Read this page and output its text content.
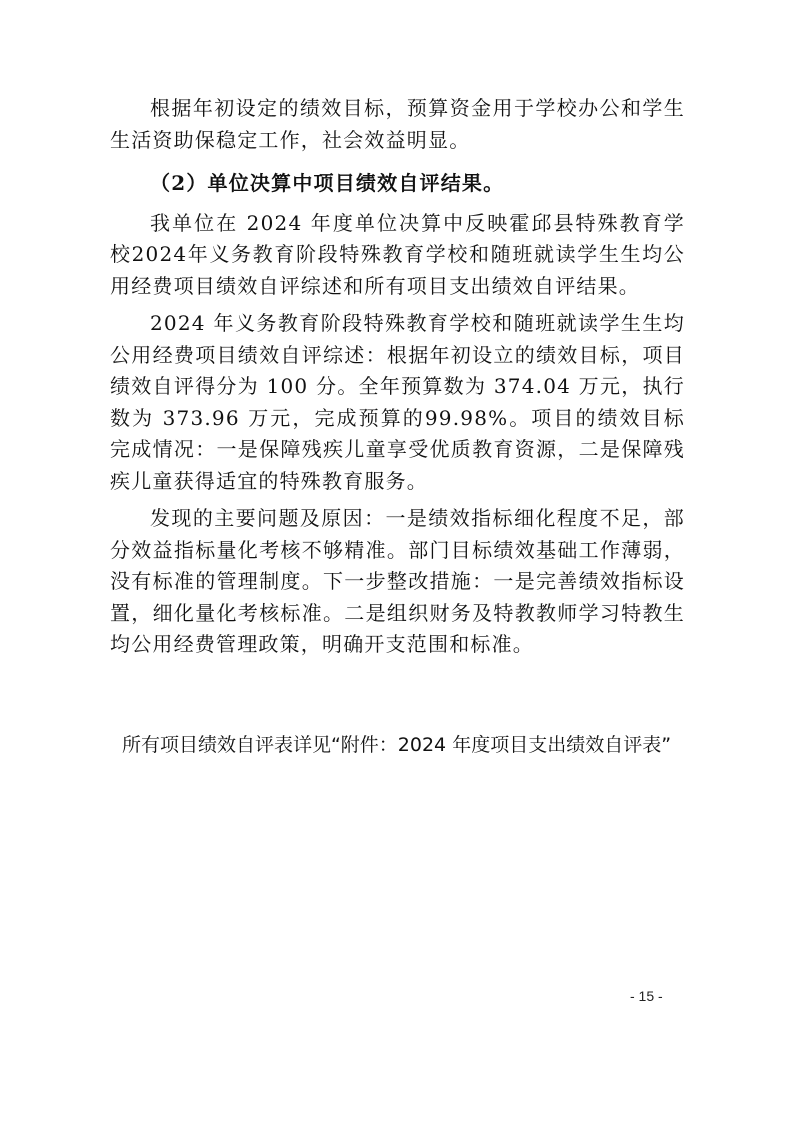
根据年初设定的绩效目标，预算资金用于学校办公和学生生活资助保稳定工作，社会效益明显。

（2）单位决算中项目绩效自评结果。

我单位在 2024 年度单位决算中反映霍邱县特殊教育学校2024年义务教育阶段特殊教育学校和随班就读学生生均公用经费项目绩效自评综述和所有项目支出绩效自评结果。

2024 年义务教育阶段特殊教育学校和随班就读学生生均公用经费项目绩效自评综述：根据年初设立的绩效目标，项目绩效自评得分为 100 分。全年预算数为 374.04 万元，执行数为 373.96 万元，完成预算的99.98%。项目的绩效目标完成情况：一是保障残疾儿童享受优质教育资源，二是保障残疾儿童获得适宜的特殊教育服务。

发现的主要问题及原因：一是绩效指标细化程度不足，部分效益指标量化考核不够精准。部门目标绩效基础工作薄弱，没有标准的管理制度。下一步整改措施：一是完善绩效指标设置，细化量化考核标准。二是组织财务及特教教师学习特教生均公用经费管理政策，明确开支范围和标准。

所有项目绩效自评表详见“附件：2024 年度项目支出绩效自评表”
- 15 -
